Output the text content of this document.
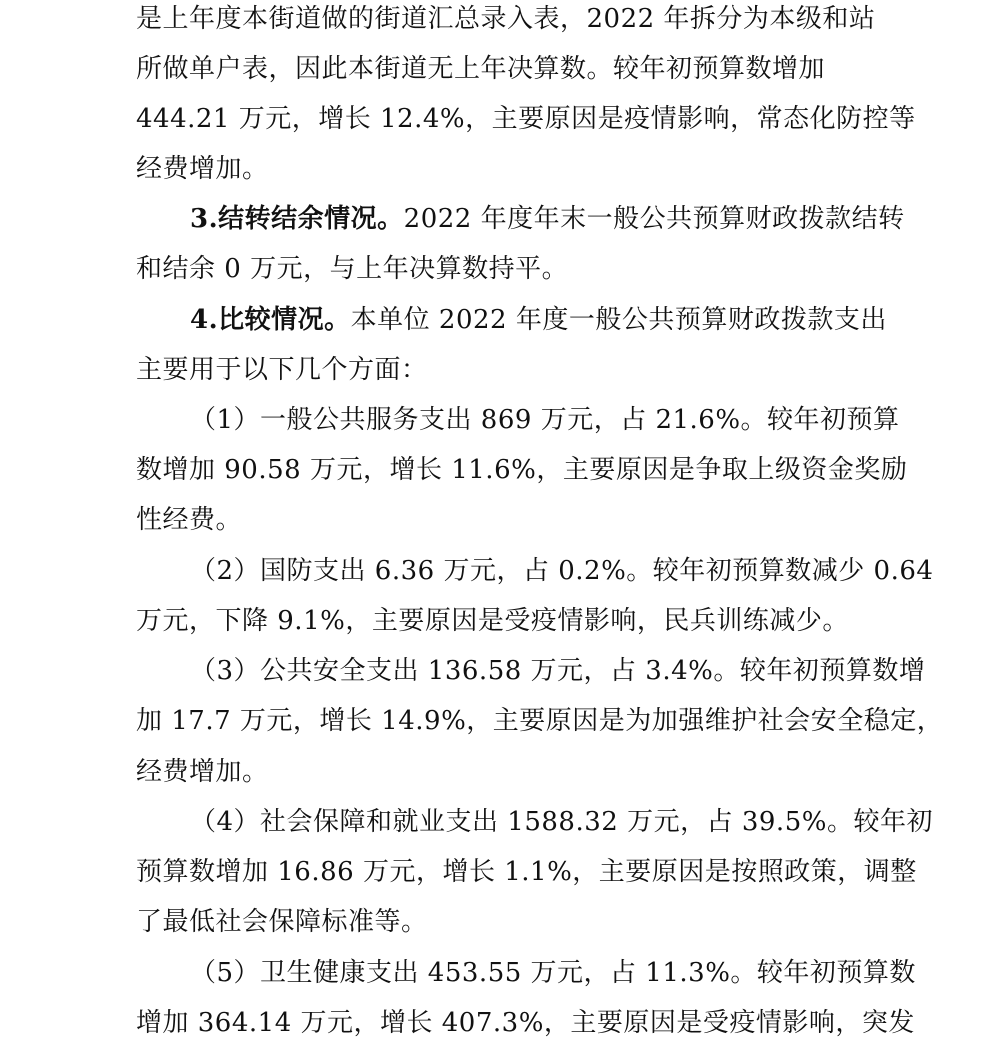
是上年度本街道做的街道汇总录入表，2022 年拆分为本级和站
所做单户表，因此本街道无上年决算数。较年初预算数增加
444.21 万元，增长 12.4%，主要原因是疫情影响，常态化防控等
经费增加。
3.结转结余情况。2022 年度年末一般公共预算财政拨款结转
和结余 0 万元，与上年决算数持平。
4.比较情况。本单位 2022 年度一般公共预算财政拨款支出
主要用于以下几个方面：
（1）一般公共服务支出 869 万元，占 21.6%。较年初预算
数增加 90.58 万元，增长 11.6%，主要原因是争取上级资金奖励
性经费。
（2）国防支出 6.36 万元，占 0.2%。较年初预算数减少 0.64
万元，下降 9.1%，主要原因是受疫情影响，民兵训练减少。
（3）公共安全支出 136.58 万元，占 3.4%。较年初预算数增
加 17.7 万元，增长 14.9%，主要原因是为加强维护社会安全稳定，
经费增加。
（4）社会保障和就业支出 1588.32 万元，占 39.5%。较年初
预算数增加 16.86 万元，增长 1.1%，主要原因是按照政策，调整
了最低社会保障标准等。
（5）卫生健康支出 453.55 万元，占 11.3%。较年初预算数
增加 364.14 万元，增长 407.3%，主要原因是受疫情影响，突发
